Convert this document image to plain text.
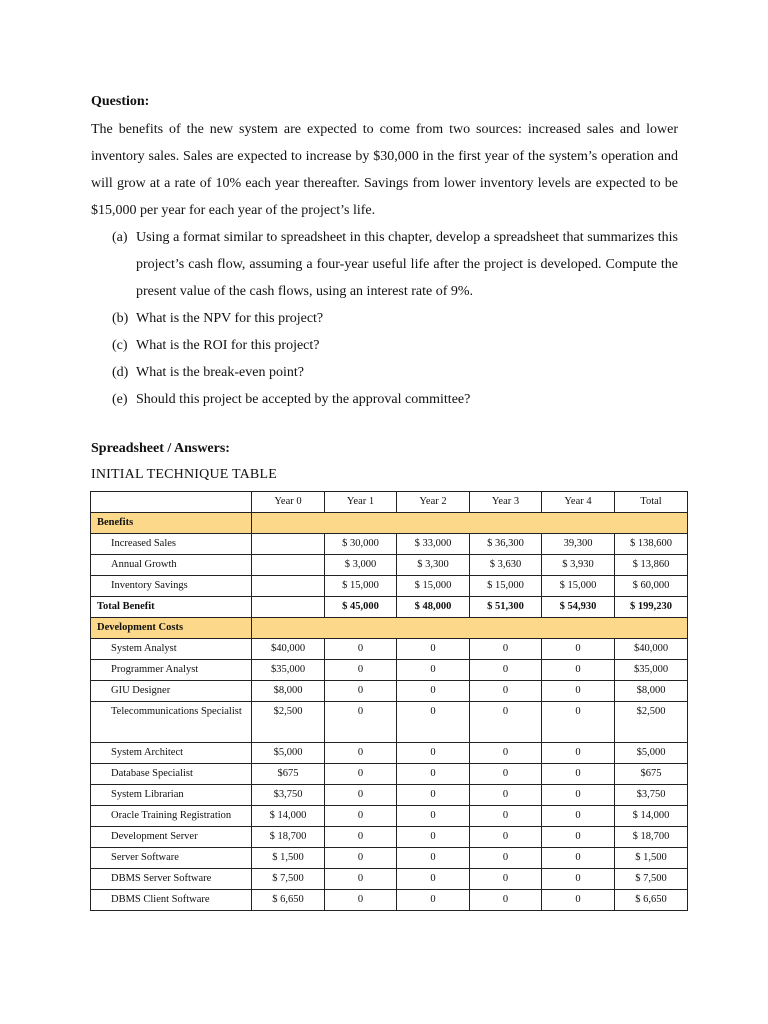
Question:

The benefits of the new system are expected to come from two sources: increased sales and lower inventory sales. Sales are expected to increase by $30,000 in the first year of the system’s operation and will grow at a rate of 10% each year thereafter. Savings from lower inventory levels are expected to be $15,000 per year for each year of the project’s life.

(a) Using a format similar to spreadsheet in this chapter, develop a spreadsheet that summarizes this project’s cash flow, assuming a four-year useful life after the project is developed. Compute the present value of the cash flows, using an interest rate of 9%.
(b) What is the NPV for this project?
(c) What is the ROI for this project?
(d) What is the break-even point?
(e) Should this project be accepted by the approval committee?
Spreadsheet / Answers:
INITIAL TECHNIQUE TABLE
	Year 0	Year 1	Year 2	Year 3	Year 4	Total
Benefits						
Increased Sales		$ 30,000	$ 33,000	$ 36,300	39,300	$ 138,600
Annual Growth		$ 3,000	$ 3,300	$ 3,630	$ 3,930	$ 13,860
Inventory Savings		$ 15,000	$ 15,000	$ 15,000	$ 15,000	$ 60,000
Total Benefit		$ 45,000	$ 48,000	$ 51,300	$ 54,930	$ 199,230
Development Costs						
System Analyst	$40,000	0	0	0	0	$40,000
Programmer Analyst	$35,000	0	0	0	0	$35,000
GIU Designer	$8,000	0	0	0	0	$8,000
Telecommunications Specialist	$2,500	0	0	0	0	$2,500
System Architect	$5,000	0	0	0	0	$5,000
Database Specialist	$675	0	0	0	0	$675
System Librarian	$3,750	0	0	0	0	$3,750
Oracle Training Registration	$ 14,000	0	0	0	0	$ 14,000
Development Server	$ 18,700	0	0	0	0	$ 18,700
Server Software	$ 1,500	0	0	0	0	$ 1,500
DBMS Server Software	$ 7,500	0	0	0	0	$ 7,500
DBMS Client Software	$ 6,650	0	0	0	0	$ 6,650
